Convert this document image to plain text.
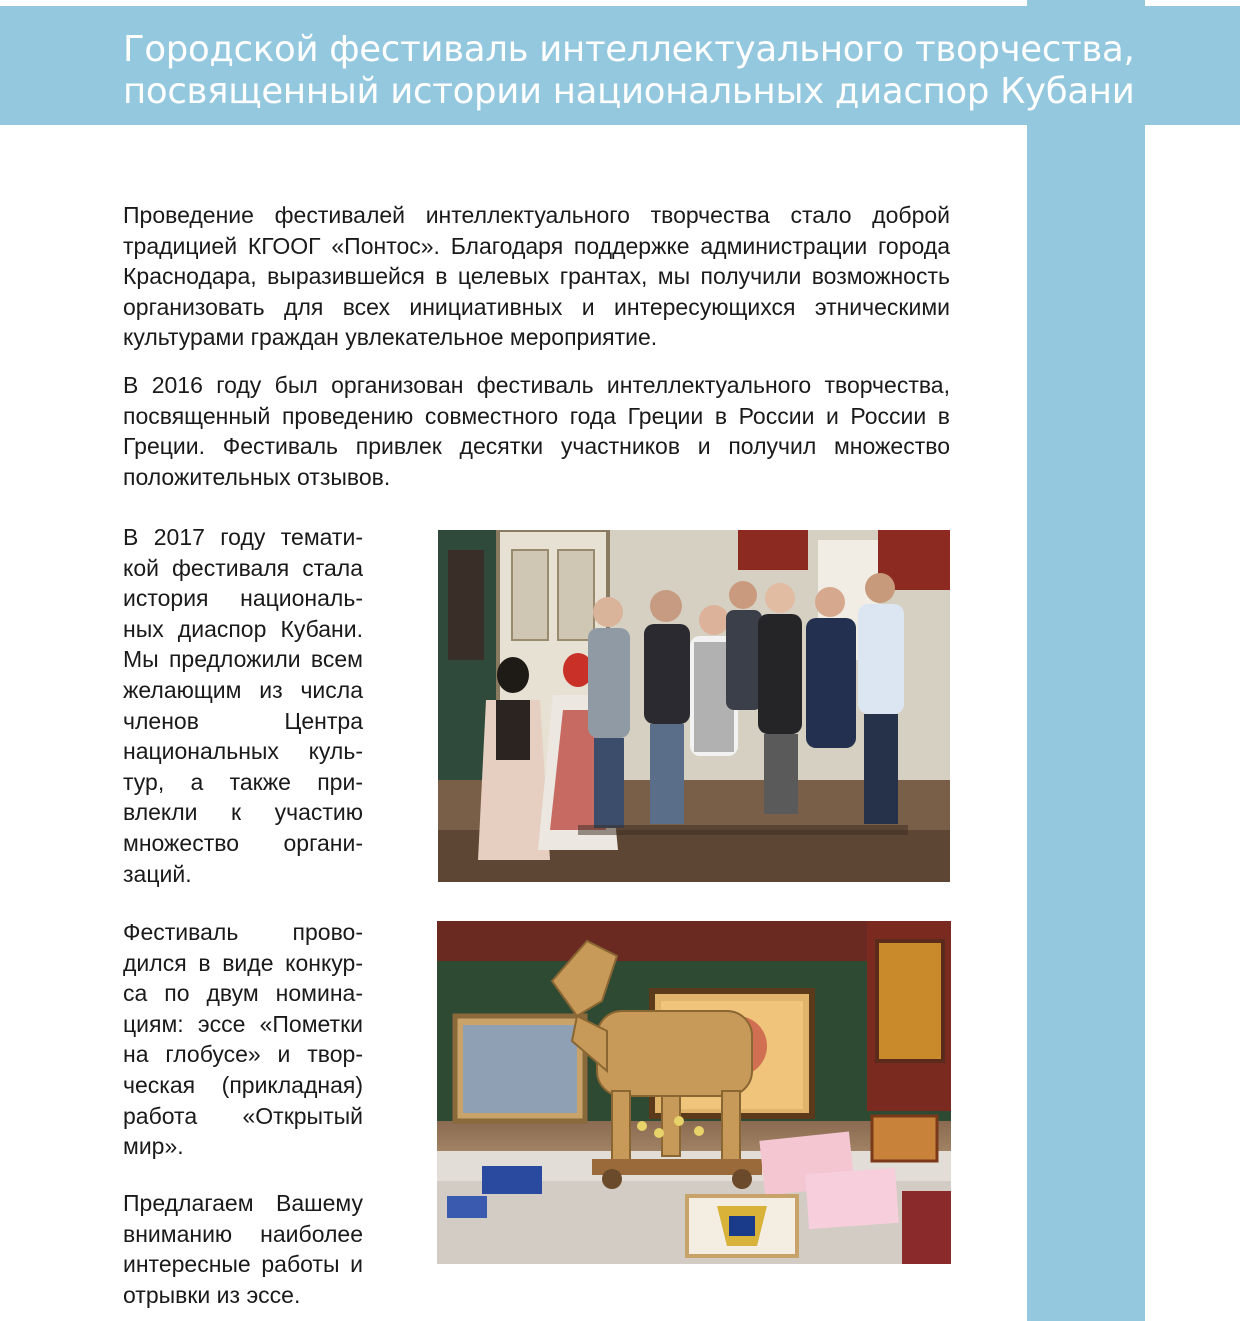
Городской фестиваль интеллектуального творчества,
посвященный истории национальных диаспор Кубани

Проведение фестивалей интеллектуального творчества стало доброй традицией КГООГ «Понтос». Благодаря поддержке администрации города Краснодара, выразившейся в целевых грантах, мы получили возможность организовать для всех инициативных и интересующихся этническими культурами граждан увлекательное мероприятие.

В 2016 году был организован фестиваль интеллектуального творчества, посвященный проведению совместного года Греции в России и России в Греции. Фестиваль привлек десятки участников и получил множество положительных отзывов.

В 2017 году тематикой фестиваля стала история национальных диаспор Кубани. Мы предложили всем желающим из числа членов Центра национальных культур, а также привлекли к участию множество организаций.

Фестиваль проводился в виде конкурса по двум номинациям: эссе «Пометки на глобусе» и творческая (прикладная) работа «Открытый мир».

Предлагаем Вашему вниманию наиболее интересные работы и отрывки из эссе.
